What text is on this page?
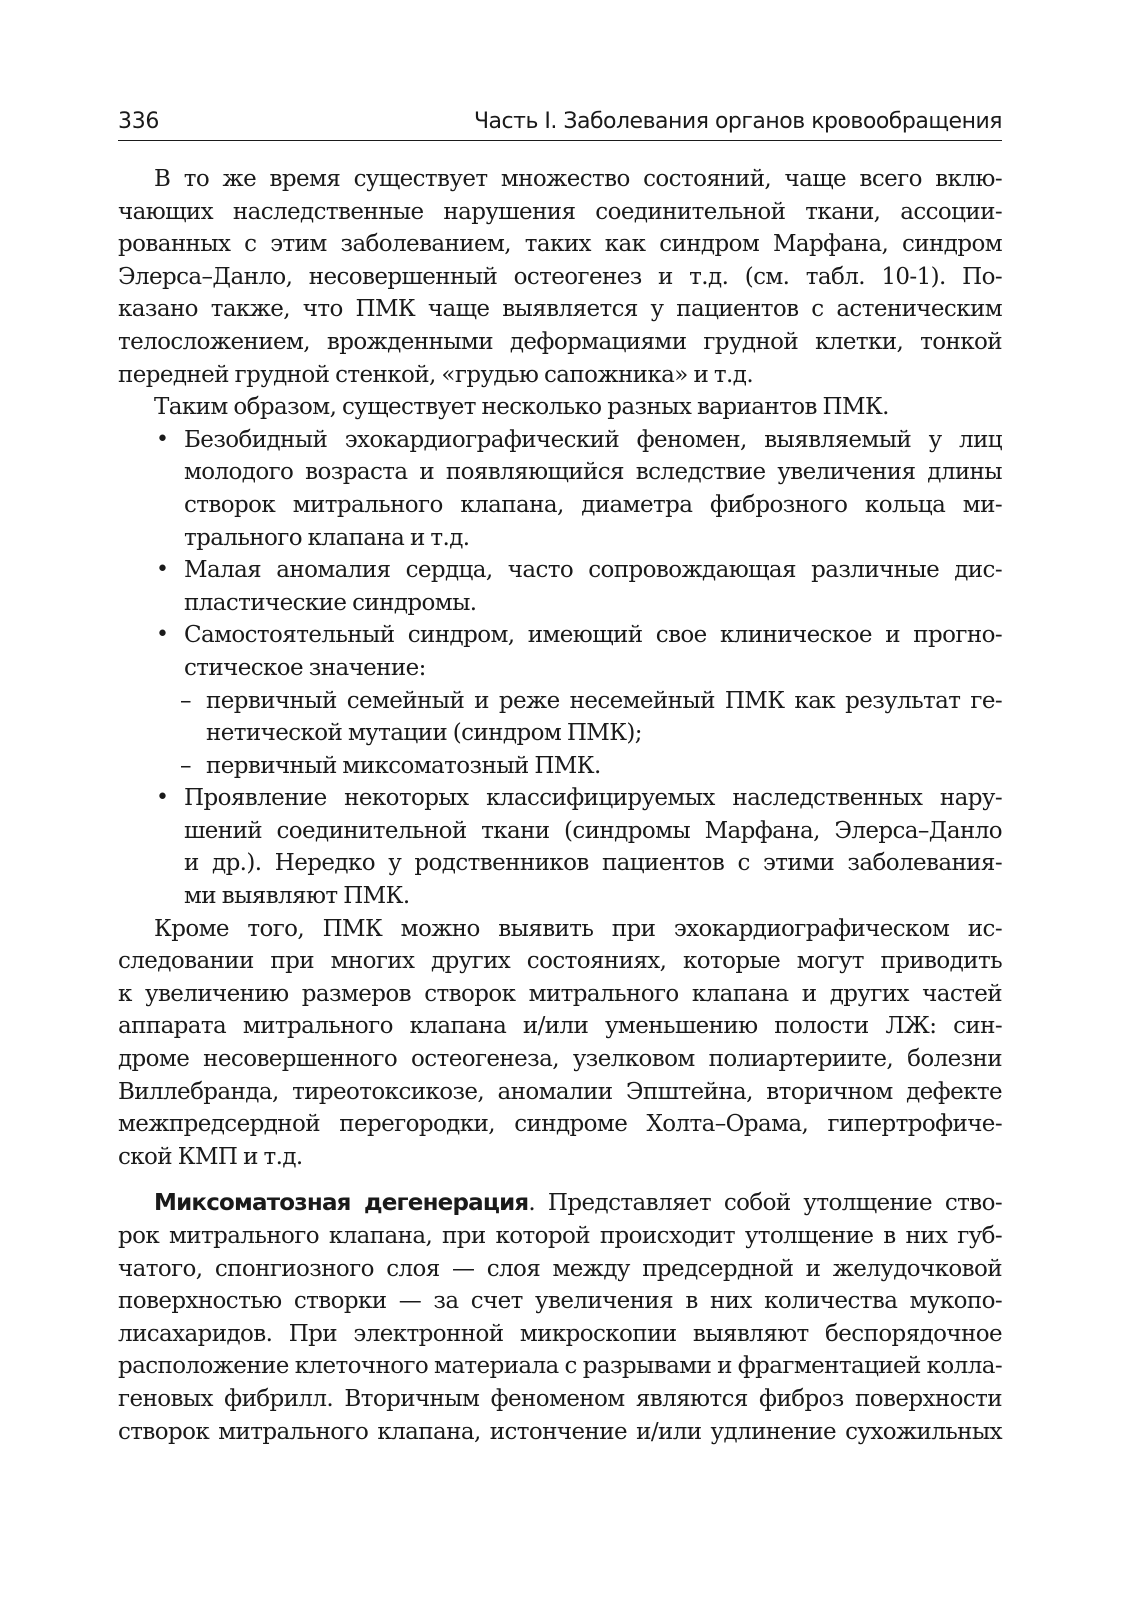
336	Часть I. Заболевания органов кровообращения
В то же время существует множество состояний, чаще всего вклю-
чающих наследственные нарушения соединительной ткани, ассоции-
рованных с этим заболеванием, таких как синдром Марфана, синдром
Элерса–Данло, несовершенный остеогенез и т.д. (см. табл. 10-1). По-
казано также, что ПМК чаще выявляется у пациентов с астеническим
телосложением, врожденными деформациями грудной клетки, тонкой
передней грудной стенкой, «грудью сапожника» и т.д.
Таким образом, существует несколько разных вариантов ПМК.
• Безобидный эхокардиографический феномен, выявляемый у лиц
молодого возраста и появляющийся вследствие увеличения длины
створок митрального клапана, диаметра фиброзного кольца ми-
трального клапана и т.д.
• Малая аномалия сердца, часто сопровождающая различные дис-
пластические синдромы.
• Самостоятельный синдром, имеющий свое клиническое и прогно-
стическое значение:
– первичный семейный и реже несемейный ПМК как результат ге-
нетической мутации (синдром ПМК);
– первичный миксоматозный ПМК.
• Проявление некоторых классифицируемых наследственных нару-
шений соединительной ткани (синдромы Марфана, Элерса–Данло
и др.). Нередко у родственников пациентов с этими заболевания-
ми выявляют ПМК.
Кроме того, ПМК можно выявить при эхокардиографическом ис-
следовании при многих других состояниях, которые могут приводить
к увеличению размеров створок митрального клапана и других частей
аппарата митрального клапана и/или уменьшению полости ЛЖ: син-
дроме несовершенного остеогенеза, узелковом полиартериите, болезни
Виллебранда, тиреотоксикозе, аномалии Эпштейна, вторичном дефекте
межпредсердной перегородки, синдроме Холта–Орама, гипертрофиче-
ской КМП и т.д.
Миксоматозная дегенерация. Представляет собой утолщение ство-
рок митрального клапана, при которой происходит утолщение в них губ-
чатого, спонгиозного слоя — слоя между предсердной и желудочковой
поверхностью створки — за счет увеличения в них количества мукопо-
лисахаридов. При электронной микроскопии выявляют беспорядочное
расположение клеточного материала с разрывами и фрагментацией колла-
геновых фибрилл. Вторичным феноменом являются фиброз поверхности
створок митрального клапана, истончение и/или удлинение сухожильных
